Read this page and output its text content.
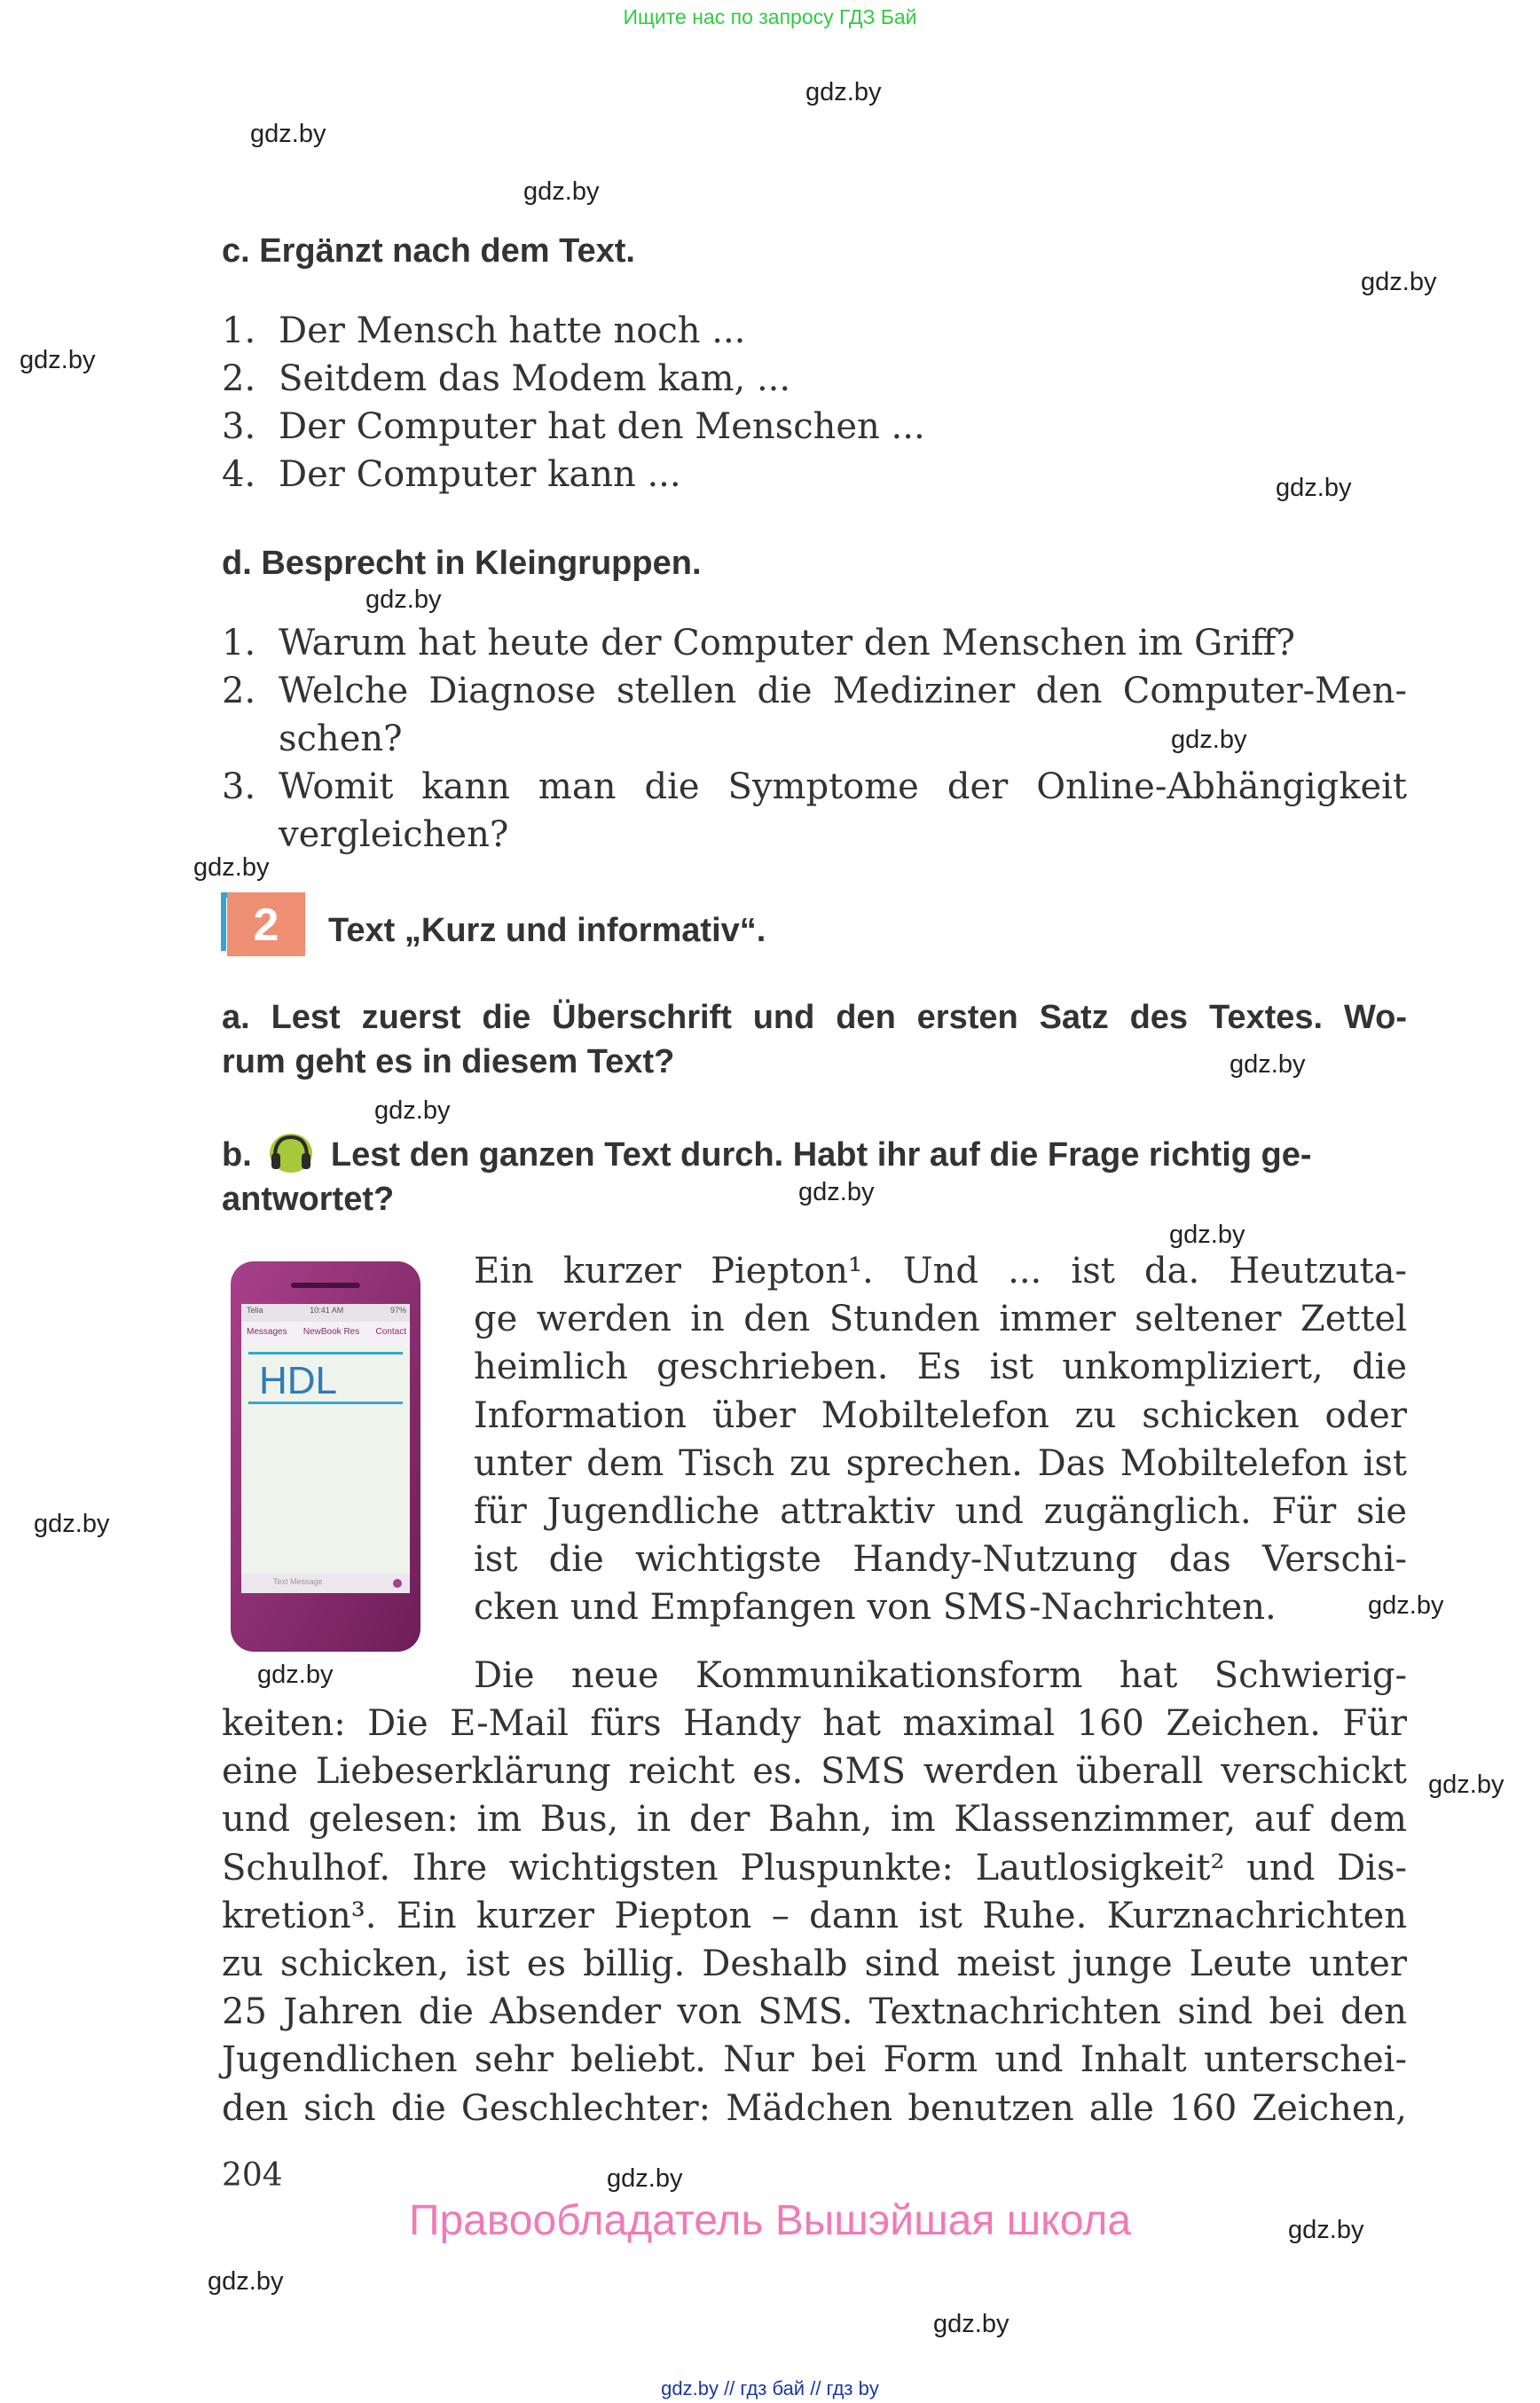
Ищите нас по запросу ГДЗ Бай
gdz.by
gdz.by
gdz.by
gdz.by
gdz.by
gdz.by
gdz.by
gdz.by
gdz.by
gdz.by
gdz.by
gdz.by
gdz.by
gdz.by
gdz.by
gdz.by
gdz.by
gdz.by
gdz.by
gdz.by
gdz.by
c. Ergänzt nach dem Text.
1. Der Mensch hatte noch ...
2. Seitdem das Modem kam, ...
3. Der Computer hat den Menschen ...
4. Der Computer kann ...
d. Besprecht in Kleingruppen.
1. Warum hat heute der Computer den Menschen im Griff?
2. Welche Diagnose stellen die Mediziner den Computer-Men-
schen?
3. Womit kann man die Symptome der Online-Abhängigkeit
vergleichen?
2	Text „Kurz und informativ“.
a. Lest zuerst die Überschrift und den ersten Satz des Textes. Wo-
rum geht es in diesem Text?
b. Lest den ganzen Text durch. Habt ihr auf die Frage richtig ge-
antwortet?
Telia	10:41 AM	97%
Messages NewBook Res Contact
HDL
Text Message
Ein kurzer Piepton¹. Und ... ist da. Heutzuta-
ge werden in den Stunden immer seltener Zettel
heimlich geschrieben. Es ist unkompliziert, die
Information über Mobiltelefon zu schicken oder
unter dem Tisch zu sprechen. Das Mobiltelefon ist
für Jugendliche attraktiv und zugänglich. Für sie
ist die wichtigste Handy-Nutzung das Verschi-
cken und Empfangen von SMS-Nachrichten.
Die neue Kommunikationsform hat Schwierig-
keiten: Die E-Mail fürs Handy hat maximal 160 Zeichen. Für
eine Liebeserklärung reicht es. SMS werden überall verschickt
und gelesen: im Bus, in der Bahn, im Klassenzimmer, auf dem
Schulhof. Ihre wichtigsten Pluspunkte: Lautlosigkeit² und Dis-
kretion³. Ein kurzer Piepton – dann ist Ruhe. Kurznachrichten
zu schicken, ist es billig. Deshalb sind meist junge Leute unter
25 Jahren die Absender von SMS. Textnachrichten sind bei den
Jugendlichen sehr beliebt. Nur bei Form und Inhalt unterschei-
den sich die Geschlechter: Mädchen benutzen alle 160 Zeichen,
204
Правообладатель Вышэйшая школа
gdz.by // гдз бай // гдз by
